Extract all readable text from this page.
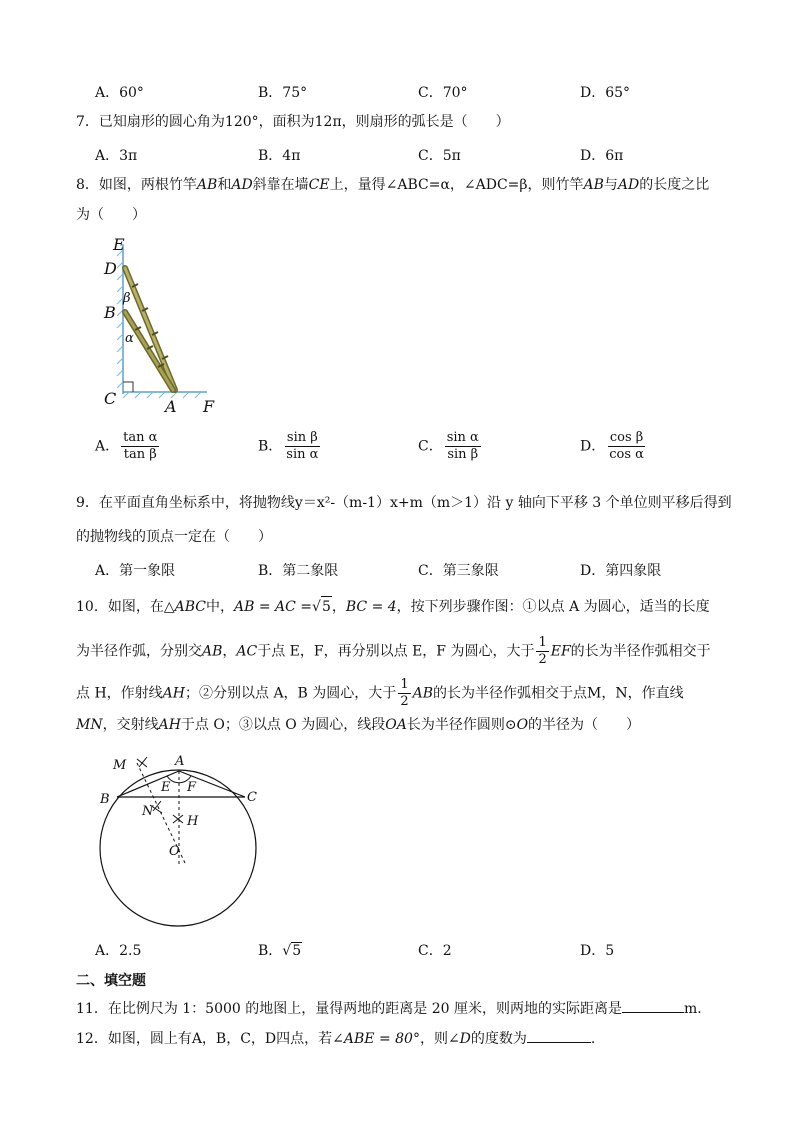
A．60°	B．75°	C．70°	D．65°
7．已知扇形的圆心角为120°，面积为12π，则扇形的弧长是（　　）
A．3π	B．4π	C．5π	D．6π
8．如图，两根竹竿AB和AD斜靠在墙CE上，量得∠ABC=α，∠ADC=β，则竹竿AB与AD的长度之比
为（　　）
E
D
B
C	A F
α
β
A． $\frac{\text{tan α}}{\text{tan β}}$	B． $\frac{\text{sin β}}{\text{sin α}}$	C． $\frac{\text{sin α}}{\text{sin β}}$	D． $\frac{\text{cos β}}{\text{cos α}}$
9．在平面直角坐标系中，将抛物线y＝x²-（m-1）x+m（m＞1）沿 y 轴向下平移 3 个单位则平移后得到
的抛物线的顶点一定在（　　）
A．第一象限	B．第二象限	C．第三象限	D．第四象限
10．如图，在△ABC中，AB = AC =√ 5 ，BC = 4，按下列步骤作图：①以点 A 为圆心，适当的长度
为半径作弧，分别交AB，AC于点 E，F，再分别以点 E，F 为圆心，大于 $\frac{1}{2}$ EF的长为半径作弧相交于
点 H，作射线AH；②分别以点 A，B 为圆心，大于 $\frac{1}{2}$ AB的长为半径作弧相交于点M，N，作直线
MN，交射线AH于点 O；③以点 O 为圆心，线段OA长为半径作圆则⊙O的半径为（　　）
M	A
E F
B	C
N
H
O
A．2.5	B．√ 5	C．2	D．5
二、填空题
11．在比例尺为 1：5000 的地图上，量得两地的距离是 20 厘米，则两地的实际距离是	m.
12．如图，圆上有A，B，C，D四点，若∠ABE = 80°，则∠D的度数为	.
